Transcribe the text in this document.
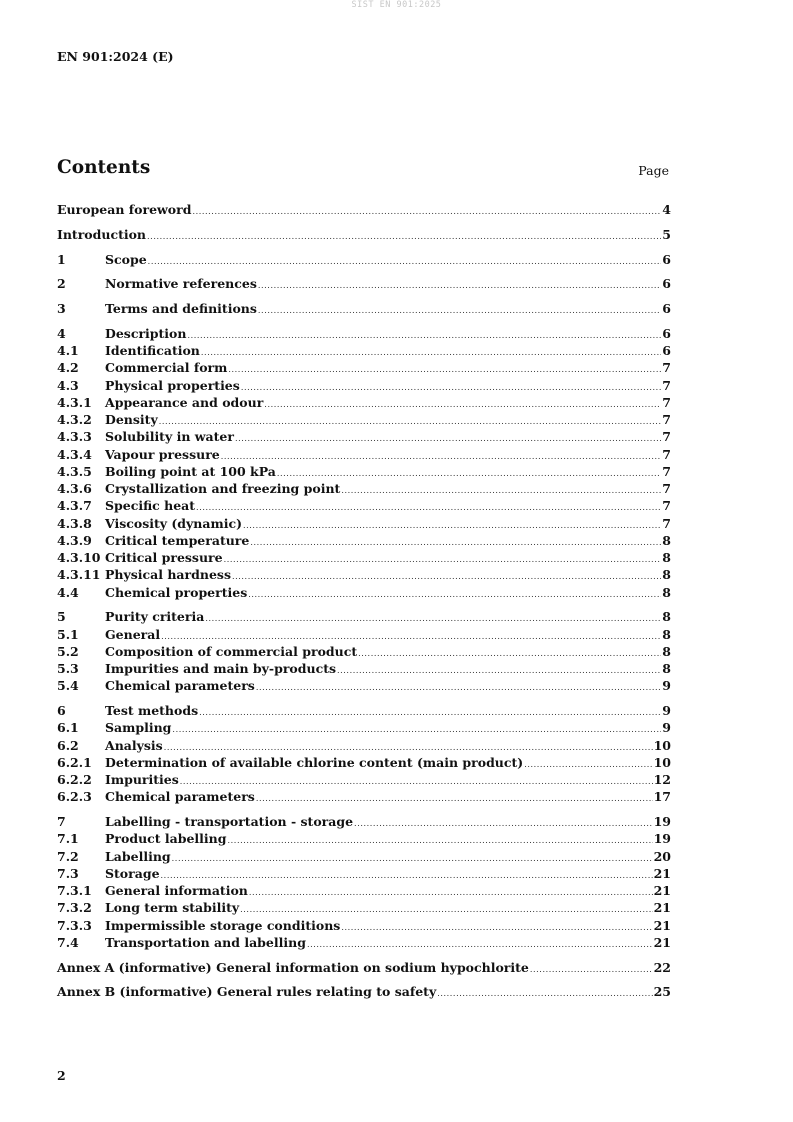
SIST EN 901:2025
EN 901:2024 (E)
Contents	Page
European foreword .....	4
Introduction .....	5
1	Scope .....	6
2	Normative references .....	6
3	Terms and definitions .....	6
4	Description .....	6
4.1	Identification .....	6
4.2	Commercial form .....	7
4.3	Physical properties .....	7
4.3.1	Appearance and odour .....	7
4.3.2	Density .....	7
4.3.3	Solubility in water .....	7
4.3.4	Vapour pressure .....	7
4.3.5	Boiling point at 100 kPa .....	7
4.3.6	Crystallization and freezing point .....	7
4.3.7	Specific heat .....	7
4.3.8	Viscosity (dynamic) .....	7
4.3.9	Critical temperature .....	8
4.3.10 Critical pressure .....	8
4.3.11 Physical hardness .....	8
4.4	Chemical properties .....	8
5	Purity criteria .....	8
5.1	General .....	8
5.2	Composition of commercial product .....	8
5.3	Impurities and main by-products .....	8
5.4	Chemical parameters .....	9
6	Test methods .....	9
6.1	Sampling .....	9
6.2	Analysis .....	10
6.2.1	Determination of available chlorine content (main product) .....	10
6.2.2	Impurities .....	12
6.2.3	Chemical parameters .....	17
7	Labelling - transportation - storage .....	19
7.1	Product labelling .....	19
7.2	Labelling .....	20
7.3	Storage .....	21
7.3.1	General information .....	21
7.3.2	Long term stability .....	21
7.3.3	Impermissible storage conditions .....	21
7.4	Transportation and labelling .....	21
Annex A (informative) General information on sodium hypochlorite .....	22
Annex B (informative) General rules relating to safety .....	25
2
